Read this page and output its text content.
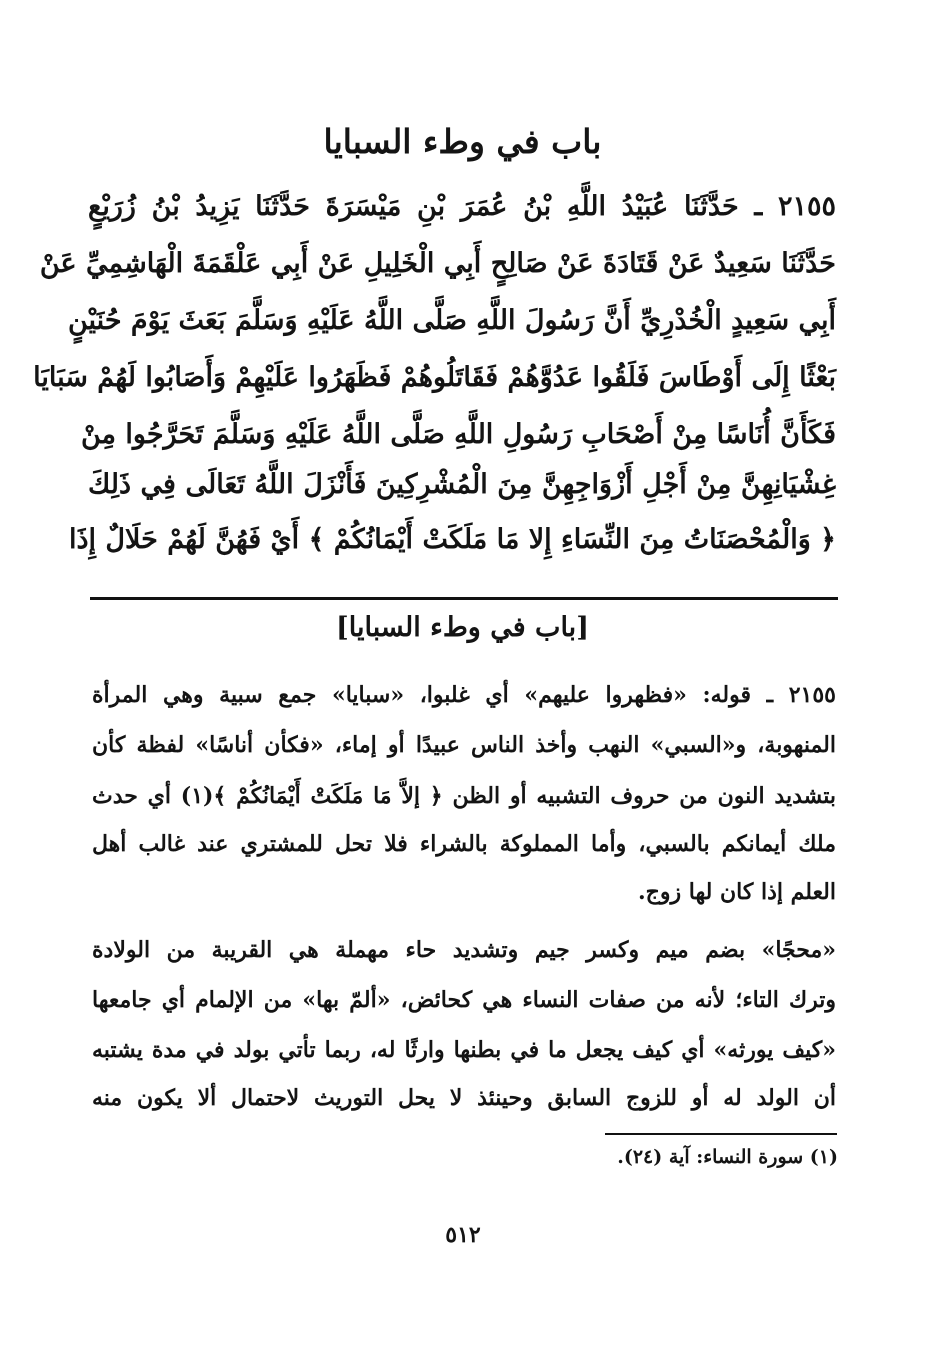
باب في وطء السبايا
٢١٥٥ ـ حَدَّثَنَا عُبَيْدُ اللَّهِ بْنُ عُمَرَ بْنِ مَيْسَرَةَ حَدَّثَنَا يَزِيدُ بْنُ زُرَيْعٍ
حَدَّثَنَا سَعِيدٌ عَنْ قَتَادَةَ عَنْ صَالِحٍ أَبِي الْخَلِيلِ عَنْ أَبِي عَلْقَمَةَ الْهَاشِمِيِّ عَنْ
أَبِي سَعِيدٍ الْخُدْرِيِّ أَنَّ رَسُولَ اللَّهِ صَلَّى اللَّهُ عَلَيْهِ وَسَلَّمَ بَعَثَ يَوْمَ حُنَيْنٍ
بَعْثًا إِلَى أَوْطَاسَ فَلَقُوا عَدُوَّهُمْ فَقَاتَلُوهُمْ فَظَهَرُوا عَلَيْهِمْ وَأَصَابُوا لَهُمْ سَبَايَا
فَكَأَنَّ أُنَاسًا مِنْ أَصْحَابِ رَسُولِ اللَّهِ صَلَّى اللَّهُ عَلَيْهِ وَسَلَّمَ تَحَرَّجُوا مِنْ
غِشْيَانِهِنَّ مِنْ أَجْلِ أَزْوَاجِهِنَّ مِنَ الْمُشْرِكِينَ فَأَنْزَلَ اللَّهُ تَعَالَى فِي ذَلِكَ
﴿ وَالْمُحْصَنَاتُ مِنَ النِّسَاءِ إِلا مَا مَلَكَتْ أَيْمَانُكُمْ ﴾ أَيْ فَهُنَّ لَهُمْ حَلَالٌ إِذَا
[باب في وطء السبايا]
٢١٥٥ ـ قوله: «فظهروا عليهم» أي غلبوا، «سبايا» جمع سبية وهي المرأة
المنهوبة، و«السبي» النهب وأخذ الناس عبيدًا أو إماء، «فكأن أناسًا» لفظة كأن
بتشديد النون من حروف التشبيه أو الظن ﴿ إلاَّ مَا مَلَكَتْ أَيْمَانُكُمْ ﴾(١) أي حدث
ملك أيمانكم بالسبي، وأما المملوكة بالشراء فلا تحل للمشتري عند غالب أهل
العلم إذا كان لها زوج.
«محجًا» بضم ميم وكسر جيم وتشديد حاء مهملة هي القريبة من الولادة
وترك التاء؛ لأنه من صفات النساء هي كحائض، «ألمّ بها» من الإلمام أي جامعها
«كيف يورثه» أي كيف يجعل ما في بطنها وارثًا له، ربما تأتي بولد في مدة يشتبه
أن الولد له أو للزوج السابق وحينئذ لا يحل التوريث لاحتمال ألا يكون منه
(١) سورة النساء: آية (٢٤).
٥١٢
